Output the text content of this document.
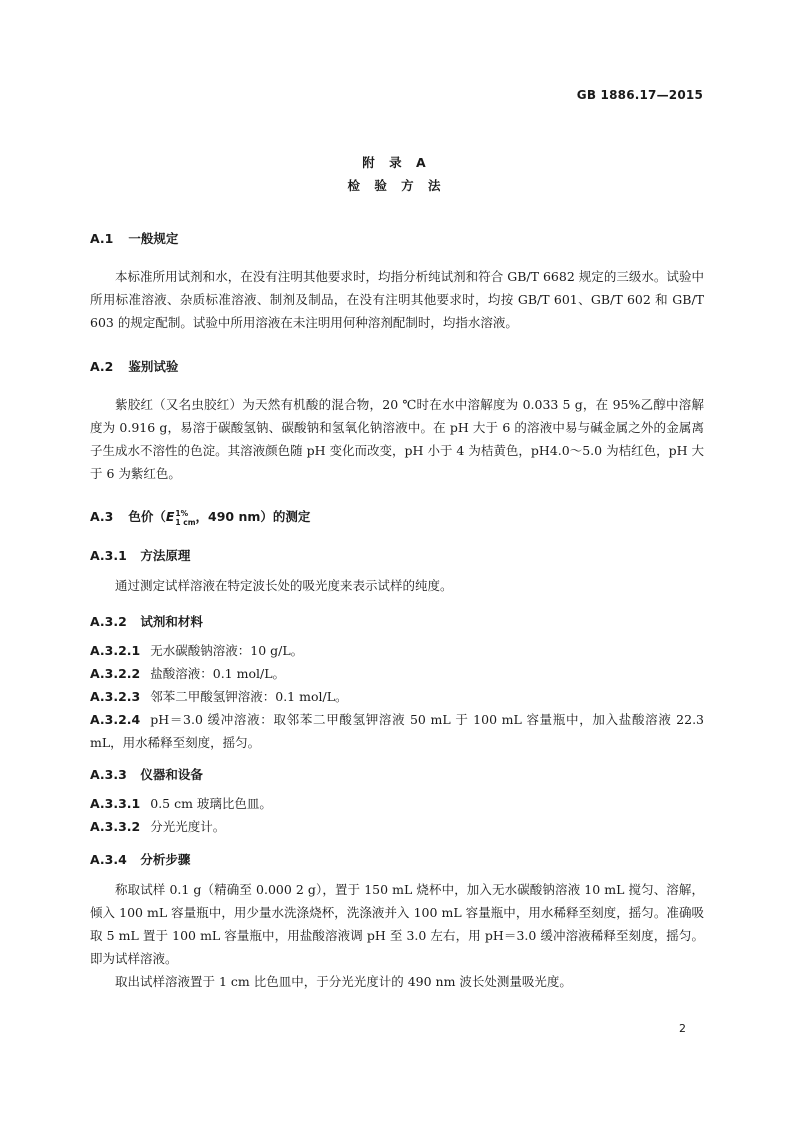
GB 1886.17—2015
附 录 A
检 验 方 法
A.1 一般规定

本标准所用试剂和水，在没有注明其他要求时，均指分析纯试剂和符合 GB/T 6682 规定的三级水。试验中所用标准溶液、杂质标准溶液、制剂及制品，在没有注明其他要求时，均按 GB/T 601、GB/T 602 和 GB/T 603 的规定配制。试验中所用溶液在未注明用何种溶剂配制时，均指水溶液。

A.2 鉴别试验

紫胶红（又名虫胶红）为天然有机酸的混合物，20 ℃时在水中溶解度为 0.033 5 g，在 95%乙醇中溶解度为 0.916 g，易溶于碳酸氢钠、碳酸钠和氢氧化钠溶液中。在 pH 大于 6 的溶液中易与碱金属之外的金属离子生成水不溶性的色淀。其溶液颜色随 pH 变化而改变，pH 小于 4 为桔黄色，pH4.0～5.0 为桔红色，pH 大于 6 为紫红色。

A.3 色价（E 1%
1 cm ，490 nm）的测定
A.3.1 方法原理

通过测定试样溶液在特定波长处的吸光度来表示试样的纯度。

A.3.2 试剂和材料
A.3.2.1 无水碳酸钠溶液：10 g/L。
A.3.2.2 盐酸溶液：0.1 mol/L。
A.3.2.3 邻苯二甲酸氢钾溶液：0.1 mol/L。
A.3.2.4 pH＝3.0 缓冲溶液：取邻苯二甲酸氢钾溶液 50 mL 于 100 mL 容量瓶中，加入盐酸溶液 22.3 mL，用水稀释至刻度，摇匀。
A.3.3 仪器和设备
A.3.3.1 0.5 cm 玻璃比色皿。
A.3.3.2 分光光度计。
A.3.4 分析步骤

称取试样 0.1 g（精确至 0.000 2 g），置于 150 mL 烧杯中，加入无水碳酸钠溶液 10 mL 搅匀、溶解，倾入 100 mL 容量瓶中，用少量水洗涤烧杯，洗涤液并入 100 mL 容量瓶中，用水稀释至刻度，摇匀。准确吸取 5 mL 置于 100 mL 容量瓶中，用盐酸溶液调 pH 至 3.0 左右，用 pH＝3.0 缓冲溶液稀释至刻度，摇匀。即为试样溶液。

取出试样溶液置于 1 cm 比色皿中，于分光光度计的 490 nm 波长处测量吸光度。

2
